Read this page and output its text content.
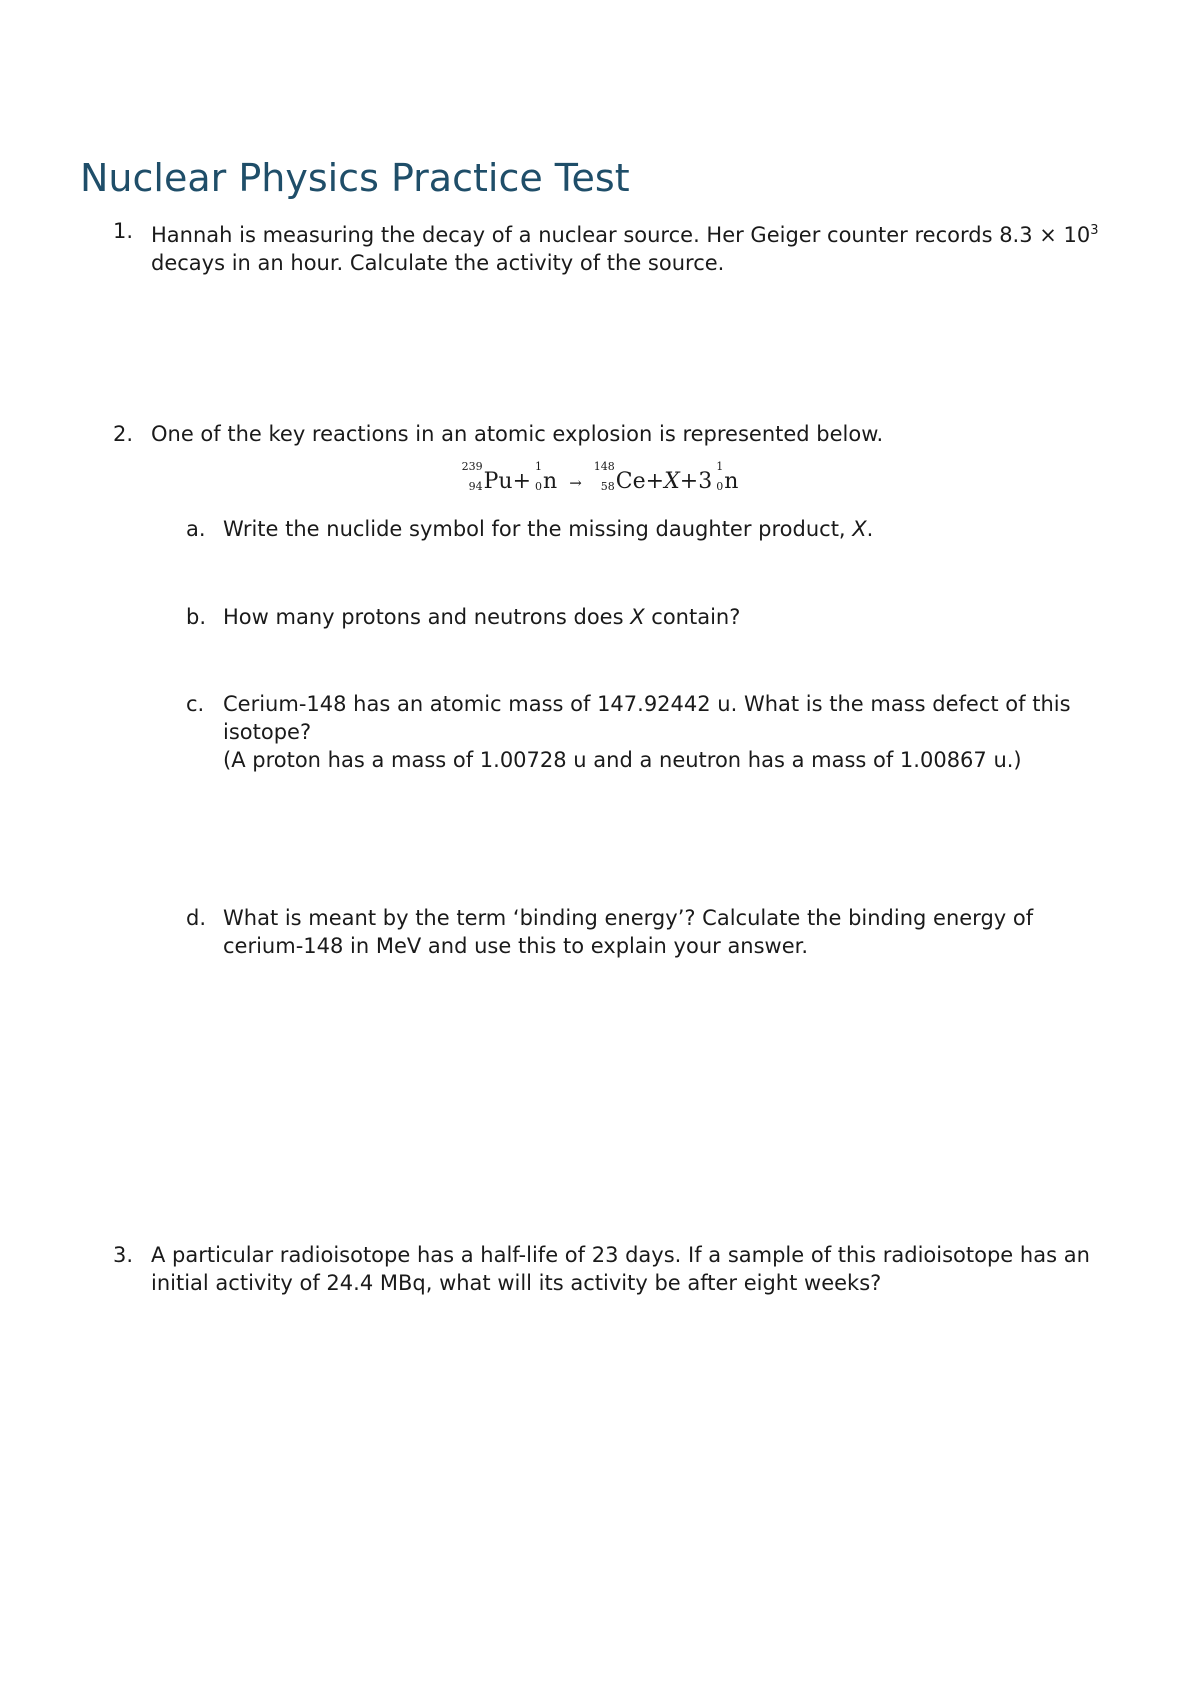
Nuclear Physics Practice Test
1. Hannah is measuring the decay of a nuclear source. Her Geiger counter records $8.3 \times 10^3$ decays in an hour. Calculate the activity of the source.
2. One of the key reactions in an atomic explosion is represented below.
239
94 Pu+
1
0 n →
148
58 Ce+X+3
1
0 n
a. Write the nuclide symbol for the missing daughter product, X.
b. How many protons and neutrons does X contain?
c. Cerium-148 has an atomic mass of 147.92442 u. What is the mass defect of this isotope?
(A proton has a mass of 1.00728 u and a neutron has a mass of 1.00867 u.)
d. What is meant by the term ‘binding energy’? Calculate the binding energy of cerium-148 in MeV and use this to explain your answer.
3. A particular radioisotope has a half-life of 23 days. If a sample of this radioisotope has an initial activity of 24.4 MBq, what will its activity be after eight weeks?
